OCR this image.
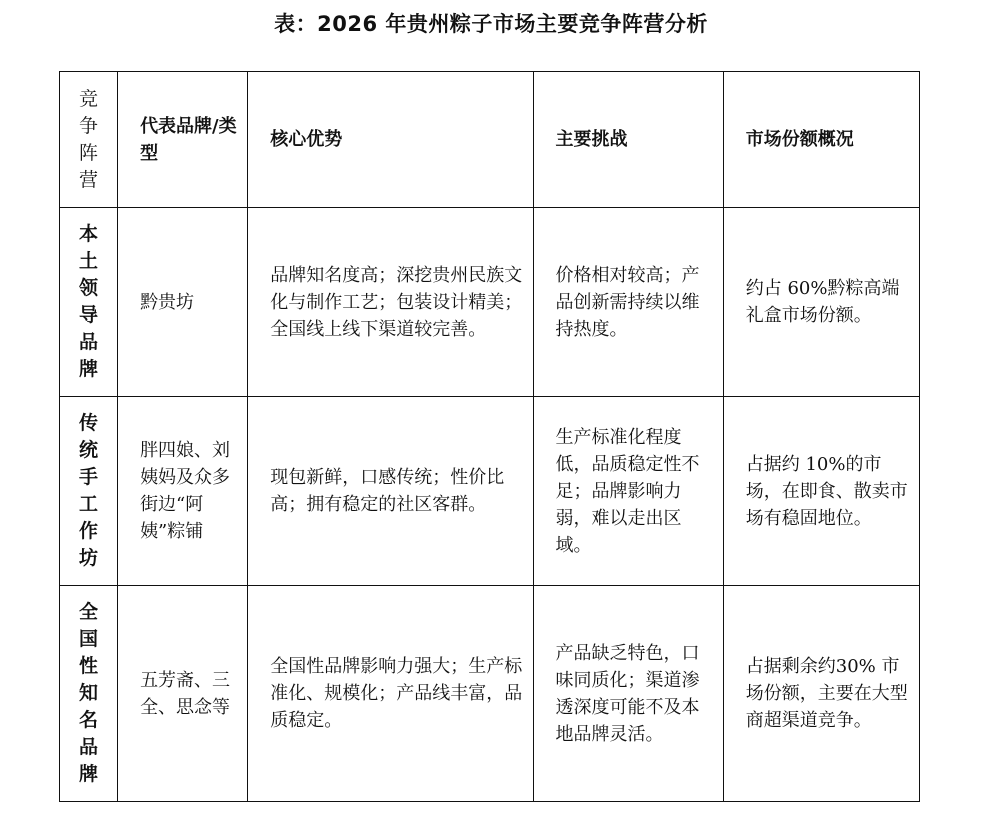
表：2026 年贵州粽子市场主要竞争阵营分析
竞争阵营	代表品牌/类型	核心优势	主要挑战	市场份额概况

本土领导品牌	黔贵坊	品牌知名度高；深挖贵州民族文化与制作工艺；包装设计精美；全国线上线下渠道较完善。	价格相对较高；产品创新需持续以维持热度。	约占 60%黔粽高端礼盒市场份额。

传统手工作坊	胖四娘、刘姨妈及众多街边“阿姨”粽铺	现包新鲜，口感传统；性价比高；拥有稳定的社区客群。	生产标准化程度低，品质稳定性不足；品牌影响力弱，难以走出区域。	占据约 10%的市场，在即食、散卖市场有稳固地位。

全国性知名品牌	五芳斋、三全、思念等	全国性品牌影响力强大；生产标准化、规模化；产品线丰富，品质稳定。	产品缺乏特色，口味同质化；渠道渗透深度可能不及本地品牌灵活。	占据剩余约30% 市场份额，主要在大型商超渠道竞争。
